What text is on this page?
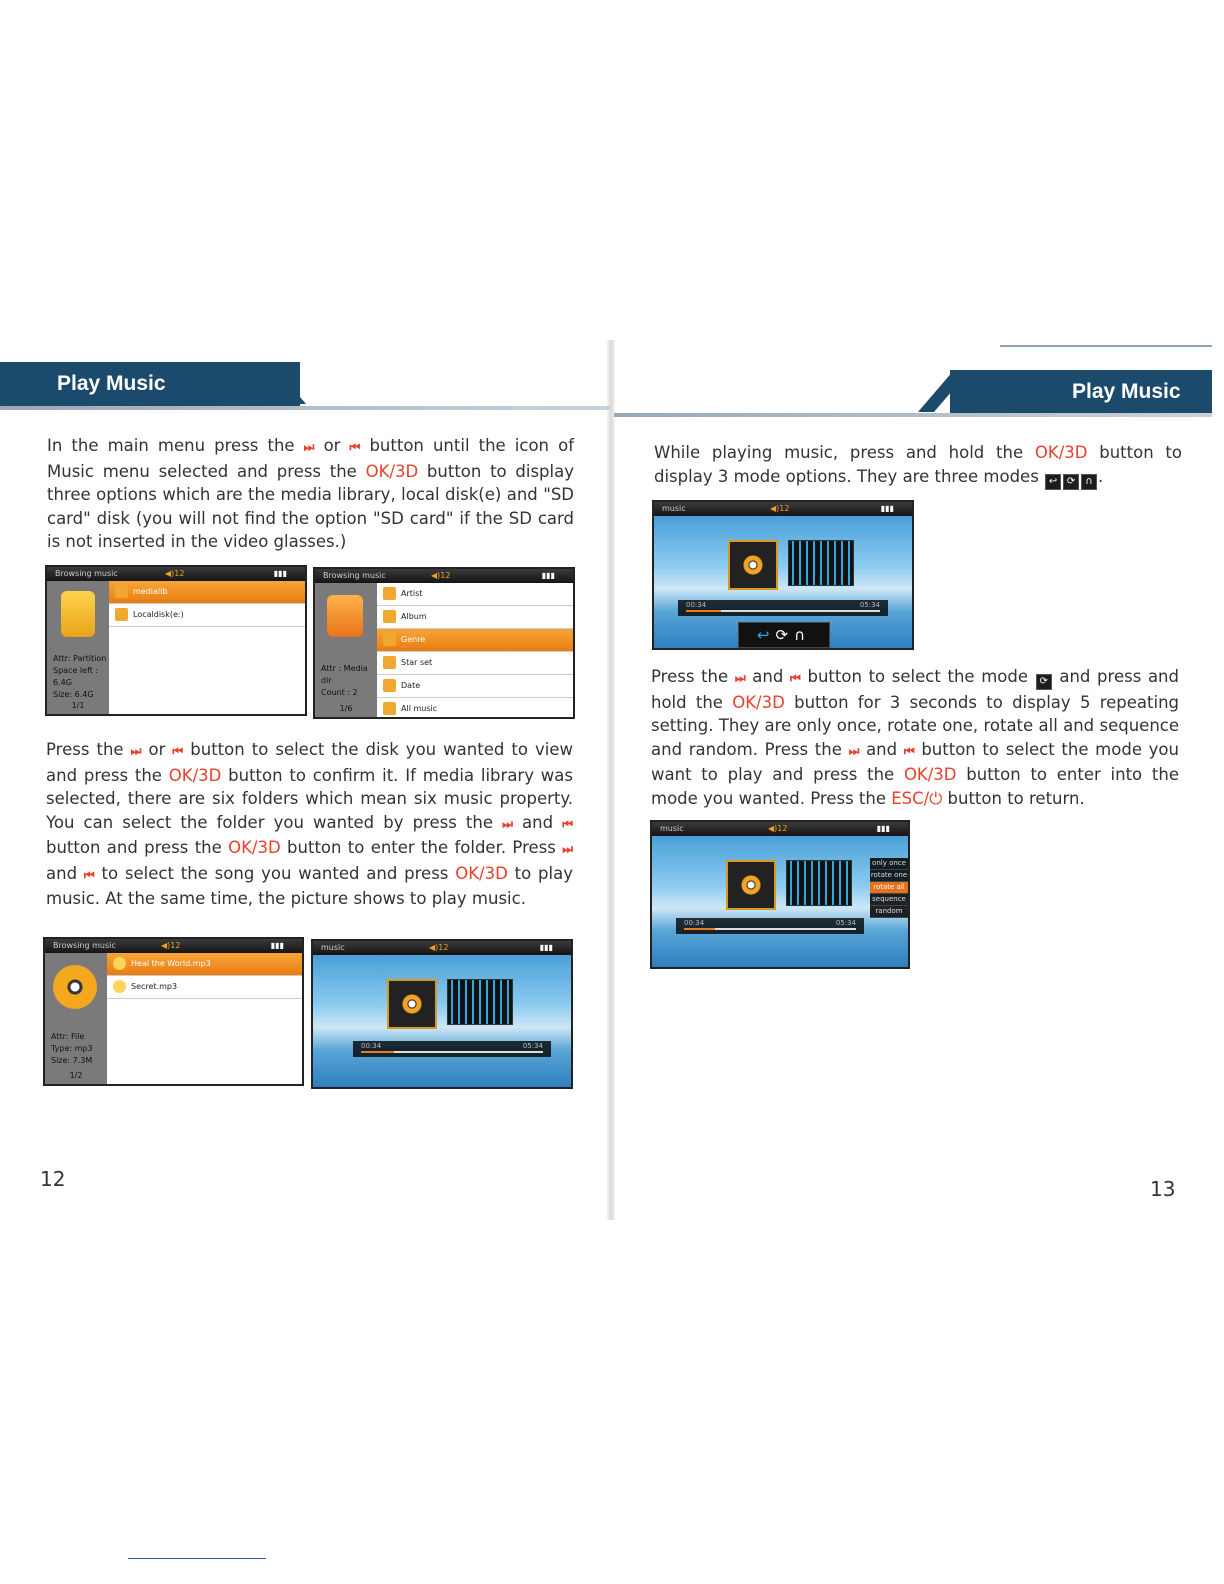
Play Music
In the main menu press the ⏭ or ⏮ button until the icon of Music menu selected and press the OK/3D button to display three options which are the media library, local disk(e) and "SD card" disk (you will not find the option "SD card" if the SD card is not inserted in the video glasses.)
Browsing music	◀)12	▮▮▮
Attr: Partition
Space left : 6.4G
Size: 6.4G
1/1
medialib
Localdisk(e:)
Browsing music	◀)12	▮▮▮
Attr : Media dir
Count : 2
1/6
Artist
Album
Genre
Star set
Date
All music
Press the ⏭ or ⏮ button to select the disk you wanted to view and press the OK/3D button to confirm it. If media library was selected, there are six folders which mean six music property. You can select the folder you wanted by press the ⏭ and ⏮ button and press the OK/3D button to enter the folder. Press ⏭ and ⏮ to select the song you wanted and press OK/3D to play music. At the same time, the picture shows to play music.
Browsing music	◀)12	▮▮▮
Attr: File
Type: mp3
Size: 7.3M
1/2
Heal the World.mp3
Secret.mp3
music	◀)12	▮▮▮
00:34	05:34
12
Play Music
While playing music, press and hold the OK/3D button to display 3 mode options. They are three modes ↩ ⟳ ∩ .
music	◀)12	▮▮▮
00:34	05:34
↩⟳∩
Press the ⏭ and ⏮ button to select the mode ⟳ and press and hold the OK/3D button for 3 seconds to display 5 repeating setting. They are only once, rotate one, rotate all and sequence and random. Press the ⏭ and ⏮ button to select the mode you want to play and press the OK/3D button to enter into the mode you wanted. Press the ESC/⏻ button to return.
music	◀)12	▮▮▮
00:34	05:34
only once
rotate one
rotate all
sequence
random
13
